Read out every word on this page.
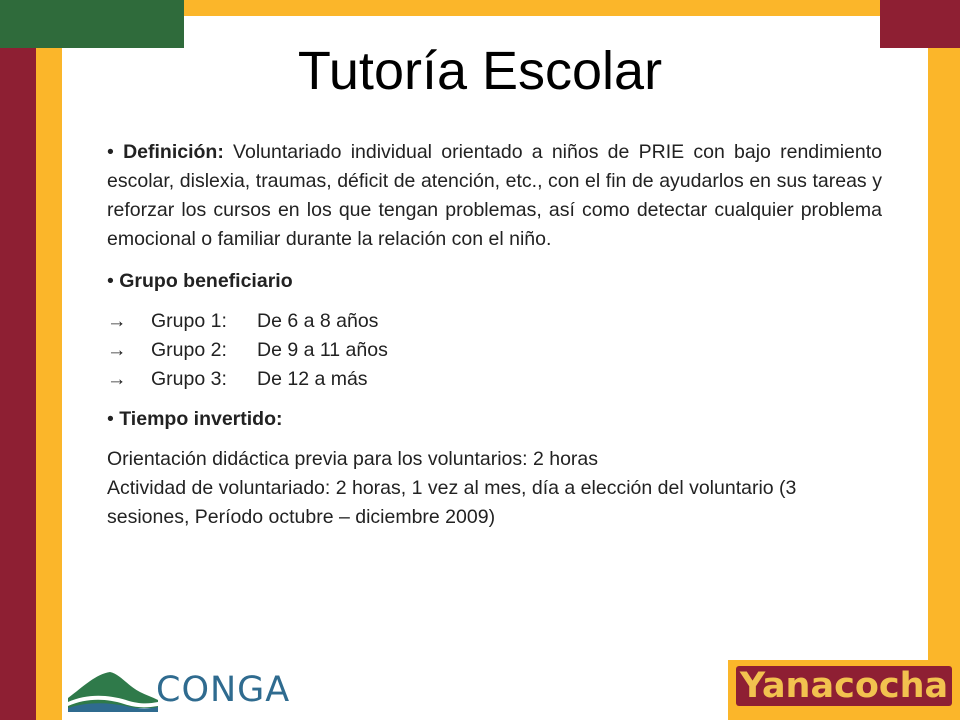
Tutoría Escolar

• Definición: Voluntariado individual orientado a niños de PRIE con bajo rendimiento escolar, dislexia, traumas, déficit de atención, etc., con el fin de ayudarlos en sus tareas y reforzar los cursos en los que tengan problemas, así como detectar cualquier problema emocional o familiar durante la relación con el niño.

• Grupo beneficiario

→	Grupo 1:	De 6 a 8 años
→	Grupo 2:	De 9 a 11 años
→	Grupo 3:	De 12 a más

• Tiempo invertido:

Orientación didáctica previa para los voluntarios: 2 horas

Actividad de voluntariado: 2 horas, 1 vez al mes, día a elección del voluntario (3 sesiones, Período octubre – diciembre 2009)

CONGA	Yanacocha
